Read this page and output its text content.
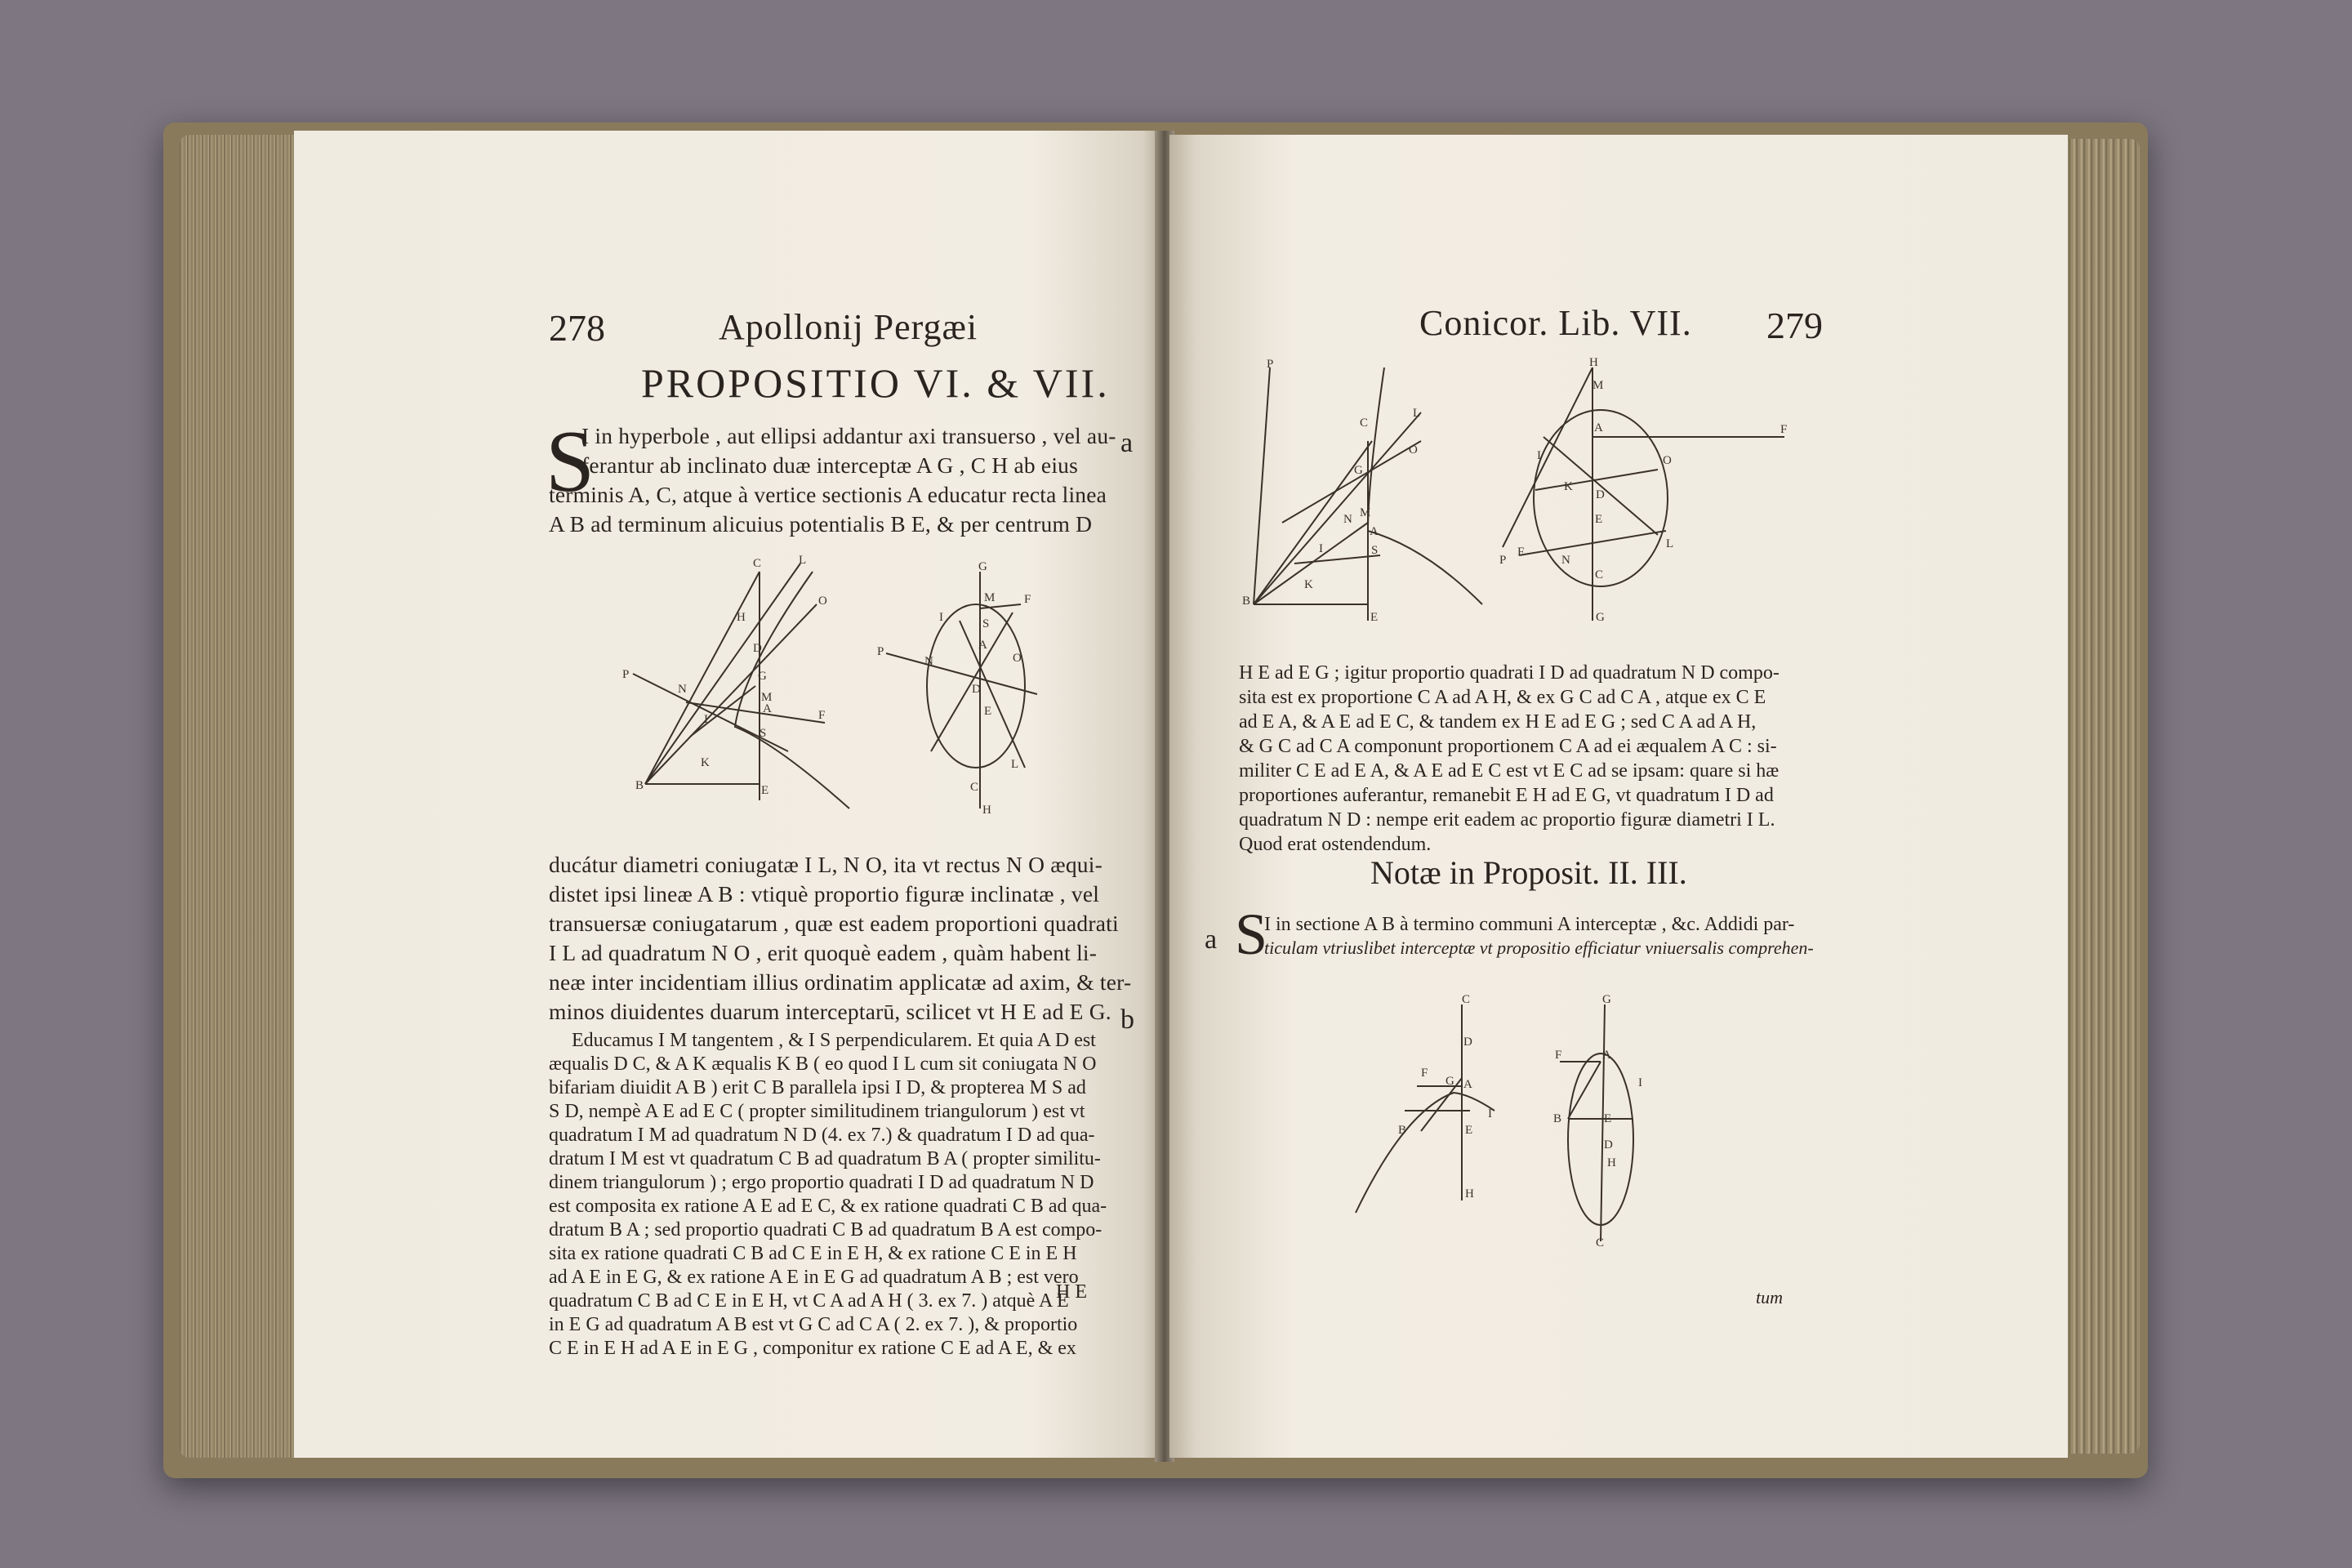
278	Apollonij Pergæi
PROPOSITIO VI. & VII.
S	a
I in hyperbole , aut ellipsi addantur axi transuerso , vel au-
ferantur ab inclinato duæ interceptæ A G , C H ab eius
terminis A, C, atque à vertice sectionis A educatur recta linea
A B ad terminum alicuius potentialis B E, & per centrum D
C	L
O
H
P
D
G
N
M
F
I
S
K
B	E
A
G
M F
P
I	S
A
N
D
O
E
L
C
H
ducátur diametri coniugatæ I L, N O, ita vt rectus N O æqui-
distet ipsi lineæ A B : vtiquè proportio figuræ inclinatæ , vel
transuersæ coniugatarum , quæ est eadem proportioni quadrati
I L ad quadratum N O , erit quoquè eadem , quàm habent li-
neæ inter incidentiam illius ordinatim applicatæ ad axim, & ter-
minos diuidentes duarum interceptarū, scilicet vt H E ad E G. b
Educamus I M tangentem , & I S perpendicularem. Et quia A D est
æqualis D C, & A K æqualis K B ( eo quod I L cum sit coniugata N O
bifariam diuidit A B ) erit C B parallela ipsi I D, & propterea M S ad
S D, nempè A E ad E C ( propter similitudinem triangulorum ) est vt
quadratum I M ad quadratum N D (4. ex 7.) & quadratum I D ad qua-
dratum I M est vt quadratum C B ad quadratum B A ( propter similitu-
dinem triangulorum ) ; ergo proportio quadrati I D ad quadratum N D
est composita ex ratione A E ad E C, & ex ratione quadrati C B ad qua-
dratum B A ; sed proportio quadrati C B ad quadratum B A est compo-
sita ex ratione quadrati C B ad C E in E H, & ex ratione C E in E H
ad A E in E G, & ex ratione A E in E G ad quadratum A B ; est vero
quadratum C B ad C E in E H, vt C A ad A H ( 3. ex 7. ) atquè A E
in E G ad quadratum A B est vt G C ad C A ( 2. ex 7. ), & proportio
C E in E H ad A E in E G , componitur ex ratione C E ad A E, & ex
H E
Conicor. Lib. VII. 279
P
C
L
G
O
N M
A
I	S
K
B
E
H
M
A	F
I	O
K
D
E
P
F
N
C
L
G
H E ad E G ; igitur proportio quadrati I D ad quadratum N D compo-
sita est ex proportione C A ad A H, & ex G C ad C A , atque ex C E
ad E A, & A E ad E C, & tandem ex H E ad E G ; sed C A ad A H,
& G C ad C A componunt proportionem C A ad ei æqualem A C : si-
militer C E ad E A, & A E ad E C est vt E C ad se ipsam: quare si hæ
proportiones auferantur, remanebit E H ad E G, vt quadratum I D ad
quadratum N D : nempe erit eadem ac proportio figuræ diametri I L.
Quod erat ostendendum.
Notæ in Proposit. II. III.
a S
I in sectione A B à termino communi A interceptæ , &c. Addidi par-
ticulam vtriuslibet interceptæ vt propositio efficiatur vniuersalis comprehen-
C
D
F
G A
B
I
E
H
G
F	A
I
B	E
D
H
C
tum
